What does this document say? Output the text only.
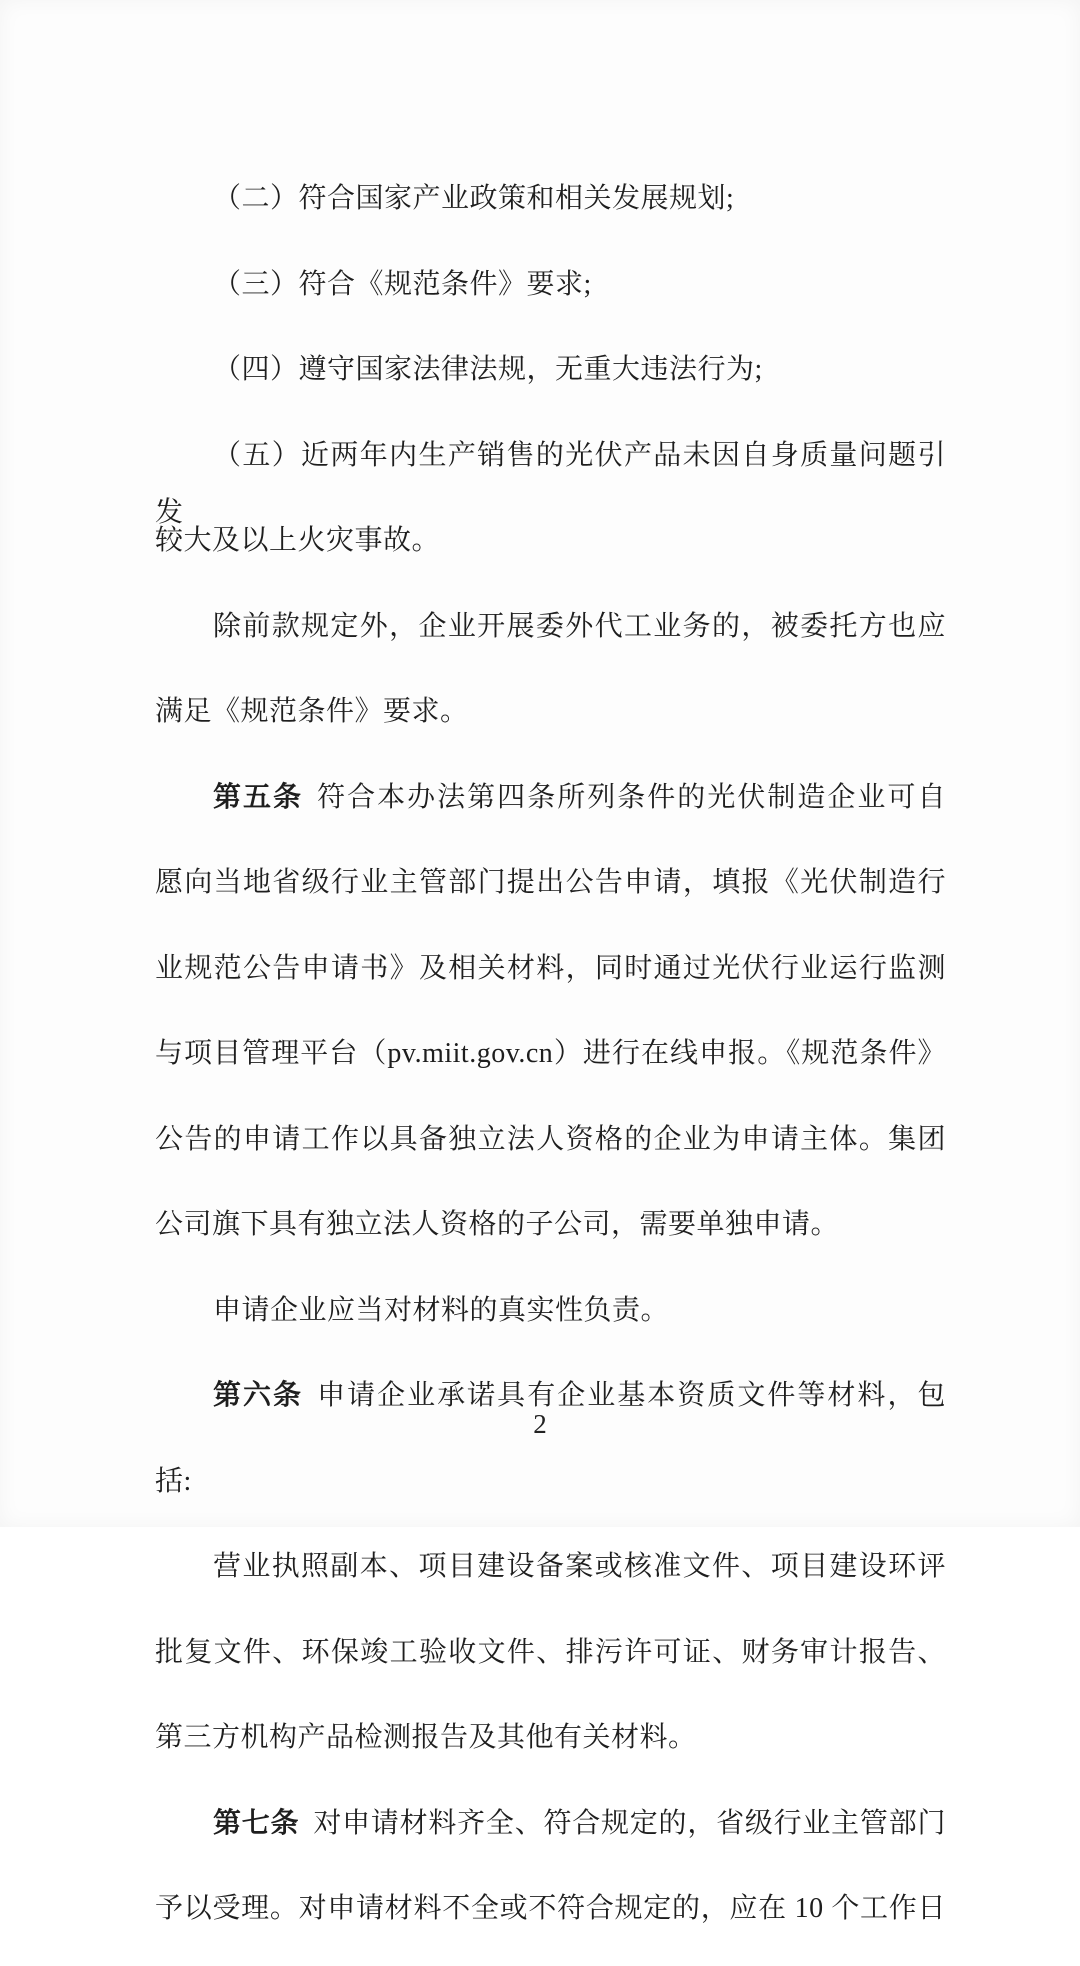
（二）符合国家产业政策和相关发展规划;

（三）符合《规范条件》要求;

（四）遵守国家法律法规，无重大违法行为;

（五）近两年内生产销售的光伏产品未因自身质量问题引发

较大及以上火灾事故。

除前款规定外，企业开展委外代工业务的，被委托方也应

满足《规范条件》要求。

第五条 符合本办法第四条所列条件的光伏制造企业可自

愿向当地省级行业主管部门提出公告申请，填报《光伏制造行

业规范公告申请书》及相关材料，同时通过光伏行业运行监测

与项目管理平台（pv.miit.gov.cn）进行在线申报。《规范条件》

公告的申请工作以具备独立法人资格的企业为申请主体。集团

公司旗下具有独立法人资格的子公司，需要单独申请。

申请企业应当对材料的真实性负责。

第六条 申请企业承诺具有企业基本资质文件等材料，包

括:

营业执照副本、项目建设备案或核准文件、项目建设环评

批复文件、环保竣工验收文件、排污许可证、财务审计报告、

第三方机构产品检测报告及其他有关材料。

第七条 对申请材料齐全、符合规定的，省级行业主管部门

予以受理。对申请材料不全或不符合规定的，应在 10 个工作日

2
